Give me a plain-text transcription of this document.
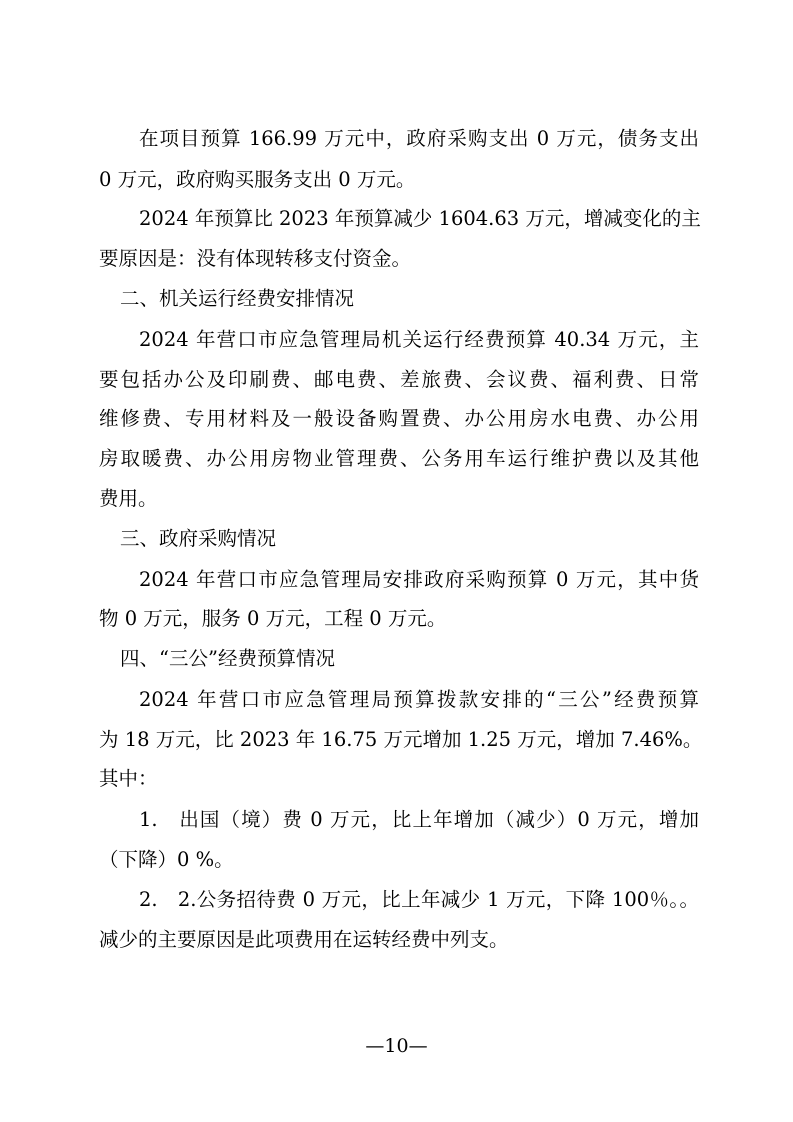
在项目预算 166.99 万元中，政府采购支出 0 万元，债务支出
0 万元，政府购买服务支出 0 万元。
2024 年预算比 2023 年预算减少 1604.63 万元，增减变化的主
要原因是：没有体现转移支付资金。
二、机关运行经费安排情况
2024 年营口市应急管理局机关运行经费预算 40.34 万元，主
要包括办公及印刷费、邮电费、差旅费、会议费、福利费、日常
维修费、专用材料及一般设备购置费、办公用房水电费、办公用
房取暖费、办公用房物业管理费、公务用车运行维护费以及其他
费用。
三、政府采购情况
2024 年营口市应急管理局安排政府采购预算 0 万元，其中货
物 0 万元，服务 0 万元，工程 0 万元。
四、“三公”经费预算情况
2024 年营口市应急管理局预算拨款安排的“三公”经费预算
为 18 万元，比 2023 年 16.75 万元增加 1.25 万元，增加 7.46%。
其中：
1.　出国（境）费 0 万元，比上年增加（减少）0 万元，增加
（下降）0 %。
2.　2.公务招待费 0 万元，比上年减少 1 万元，下降 100％。。
减少的主要原因是此项费用在运转经费中列支。
—10—
